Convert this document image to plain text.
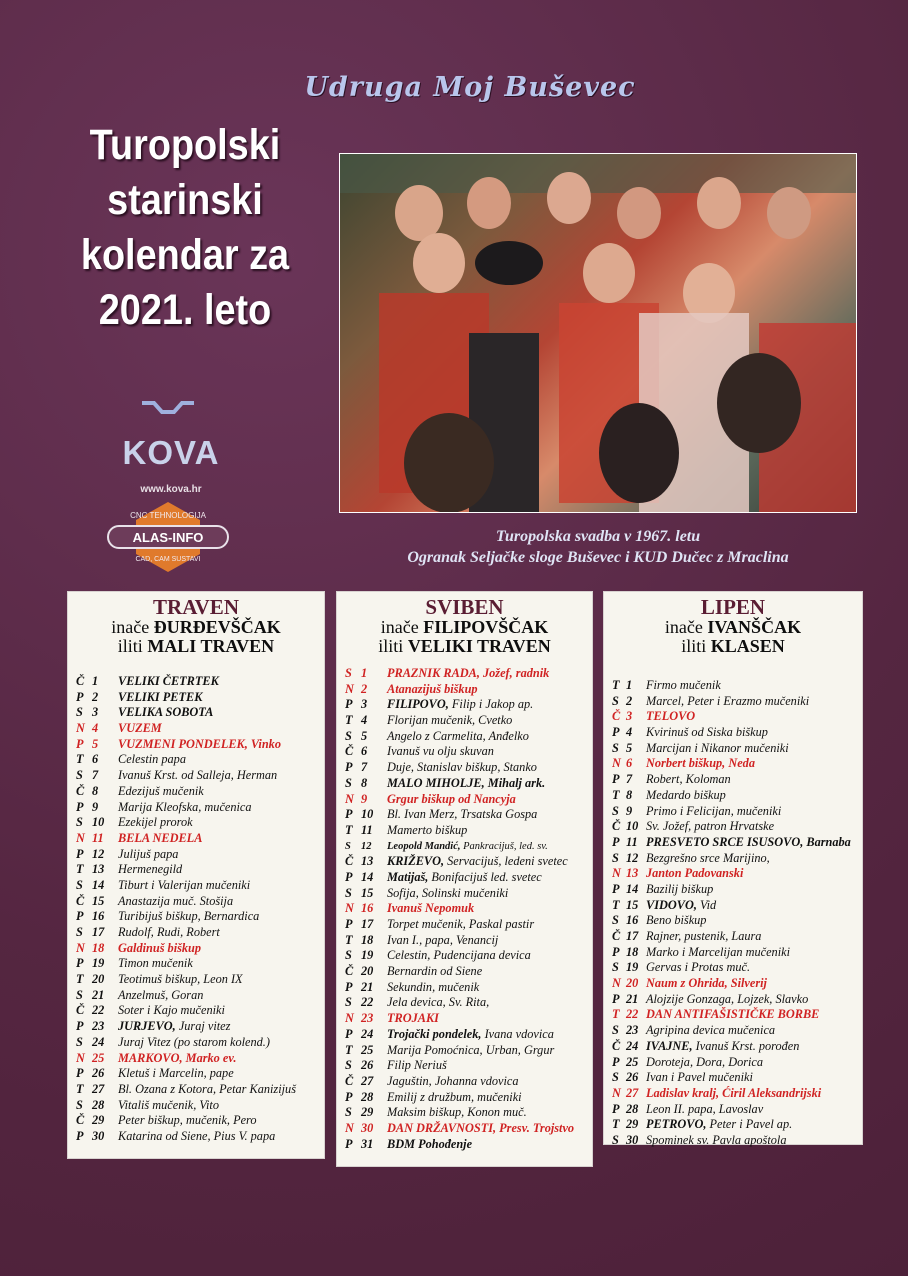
Udruga Moj Buševec
Turopolski
starinski
kolendar za
2021. leto
KOVA
www.kova.hr
CNC TEHNOLOGIJA
ALAS-INFO
CAD, CAM SUSTAVI
Turopolska svadba v 1967. letu
Ogranak Seljačke sloge Buševec i KUD Dučec z Mraclina
TRAVEN
inače ĐURĐEVŠČAK
iliti MALI TRAVEN
Č 1 VELIKI ČETRTEK
P 2 VELIKI PETEK
S 3 VELIKA SOBOTA
N 4 VUZEM
P 5 VUZMENI PONDELEK, Vinko
T 6 Celestin papa
S 7 Ivanuš Krst. od Salleja, Herman
Č 8 Edezijuš mučenik
P 9 Marija Kleofska, mučenica
S 10 Ezekijel prorok
N 11 BELA NEDELA
P 12 Julijuš papa
T 13 Hermenegild
S 14 Tiburt i Valerijan mučeniki
Č 15 Anastazija muč. Stošija
P 16 Turibijuš biškup, Bernardica
S 17 Rudolf, Rudi, Robert
N 18 Galdinuš biškup
P 19 Timon mučenik
T 20 Teotimuš biškup, Leon IX
S 21 Anzelmuš, Goran
Č 22 Soter i Kajo mučeniki
P 23 JURJEVO, Juraj vitez
S 24 Juraj Vitez (po starom kolend.)
N 25 MARKOVO, Marko ev.
P 26 Kletuš i Marcelin, pape
T 27 Bl. Ozana z Kotora, Petar Kanizijuš
S 28 Vitališ mučenik, Vito
Č 29 Peter biškup, mučenik, Pero
P 30 Katarina od Siene, Pius V. papa
SVIBEN
inače FILIPOVŠČAK
iliti VELIKI TRAVEN
S 1 PRAZNIK RADA, Jožef, radnik
N 2 Atanazijuš biškup
P 3 FILIPOVO, Filip i Jakop ap.
T 4 Florijan mučenik, Cvetko
S 5 Angelo z Carmelita, Anđelko
Č 6 Ivanuš vu olju skuvan
P 7 Duje, Stanislav biškup, Stanko
S 8 MALO MIHOLJE, Mihalj ark.
N 9 Grgur biškup od Nancyja
P 10 Bl. Ivan Merz, Trsatska Gospa
T 11 Mamerto biškup
S 12 Leopold Mandić, Pankracijuš, led. sv.
Č 13 KRIŽEVO, Servacijuš, ledeni svetec
P 14 Matijaš, Bonifacijuš led. svetec
S 15 Sofija, Solinski mučeniki
N 16 Ivanuš Nepomuk
P 17 Torpet mučenik, Paskal pastir
T 18 Ivan I., papa, Venancij
S 19 Celestin, Pudencijana devica
Č 20 Bernardin od Siene
P 21 Sekundin, mučenik
S 22 Jela devica, Sv. Rita,
N 23 TROJAKI
P 24 Trojački pondelek, Ivana vdovica
T 25 Marija Pomoćnica, Urban, Grgur
S 26 Filip Neriuš
Č 27 Jaguštin, Johanna vdovica
P 28 Emilij z družbum, mučeniki
S 29 Maksim biškup, Konon muč.
N 30 DAN DRŽAVNOSTI, Presv. Trojstvo
P 31 BDM Pohođenje
LIPEN
inače IVANŠČAK
iliti KLASEN
T 1 Firmo mučenik
S 2 Marcel, Peter i Erazmo mučeniki
Č 3 TELOVO
P 4 Kvirinuš od Siska biškup
S 5 Marcijan i Nikanor mučeniki
N 6 Norbert biškup, Neda
P 7 Robert, Koloman
T 8 Medardo biškup
S 9 Primo i Felicijan, mučeniki
Č 10 Sv. Jožef, patron Hrvatske
P 11 PRESVETO SRCE ISUSOVO, Barnaba
S 12 Bezgrešno srce Marijino,
N 13 Janton Padovanski
P 14 Bazilij biškup
T 15 VIDOVO, Vid
S 16 Beno biškup
Č 17 Rajner, pustenik, Laura
P 18 Marko i Marcelijan mučeniki
S 19 Gervas i Protas muč.
N 20 Naum z Ohrida, Silverij
P 21 Alojzije Gonzaga, Lojzek, Slavko
T 22 DAN ANTIFAŠISTIČKE BORBE
S 23 Agripina devica mučenica
Č 24 IVAJNE, Ivanuš Krst. porođen
P 25 Doroteja, Dora, Dorica
S 26 Ivan i Pavel mučeniki
N 27 Ladislav kralj, Ćiril Aleksandrijski
P 28 Leon II. papa, Lavoslav
T 29 PETROVO, Peter i Pavel ap.
S 30 Spominek sv. Pavla apoštola
